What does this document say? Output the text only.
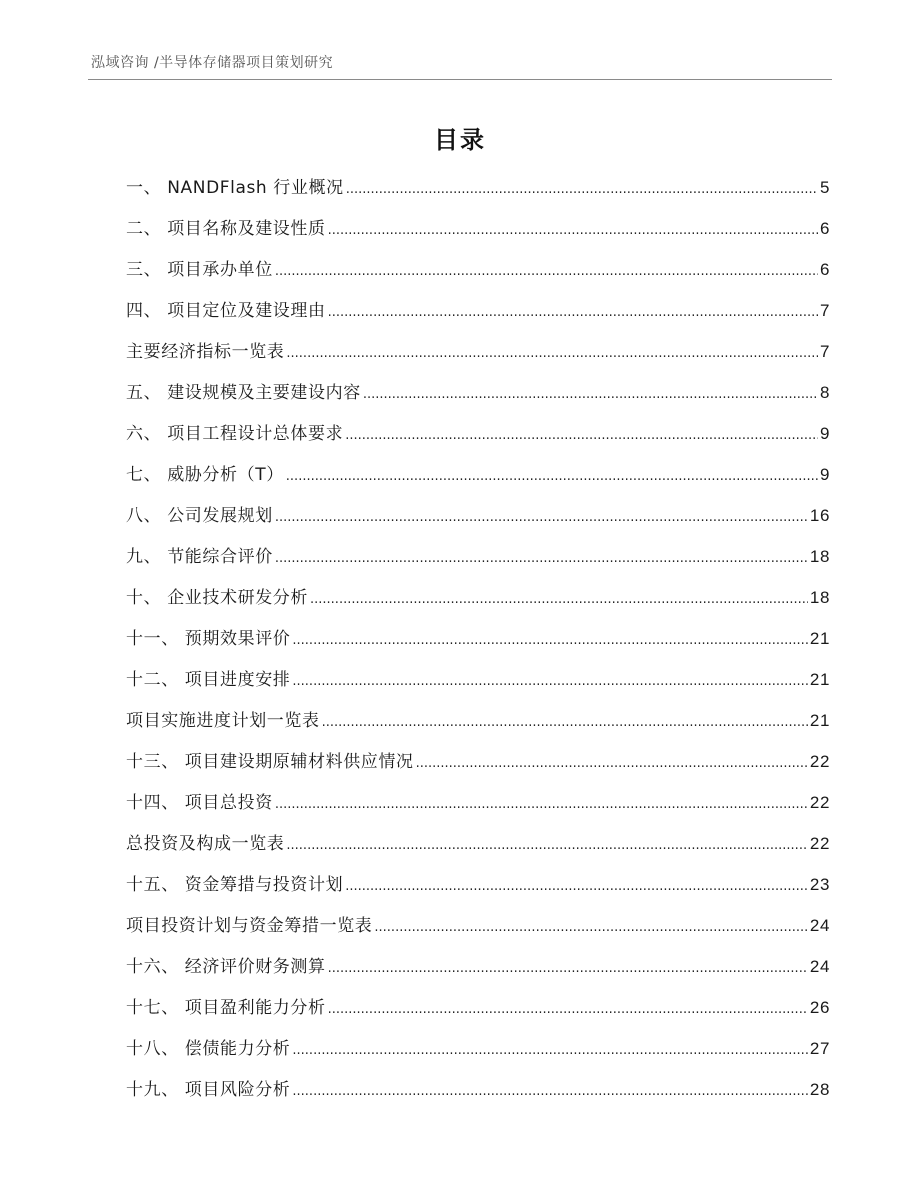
泓域咨询 /半导体存储器项目策划研究
目录
一、 NANDFlash 行业概况 .....	5
二、 项目名称及建设性质 .....	6
三、 项目承办单位 .....	6
四、 项目定位及建设理由 .....	7
主要经济指标一览表 .....	7
五、 建设规模及主要建设内容 .....	8
六、 项目工程设计总体要求 .....	9
七、 威胁分析（T） .....	9
八、 公司发展规划 .....	16
九、 节能综合评价 .....	18
十、 企业技术研发分析 .....	18
十一、 预期效果评价 .....	21
十二、 项目进度安排 .....	21
项目实施进度计划一览表 .....	21
十三、 项目建设期原辅材料供应情况 .....	22
十四、 项目总投资 .....	22
总投资及构成一览表 .....	22
十五、 资金筹措与投资计划 .....	23
项目投资计划与资金筹措一览表 .....	24
十六、 经济评价财务测算 .....	24
十七、 项目盈利能力分析 .....	26
十八、 偿债能力分析 .....	27
十九、 项目风险分析 .....	28
